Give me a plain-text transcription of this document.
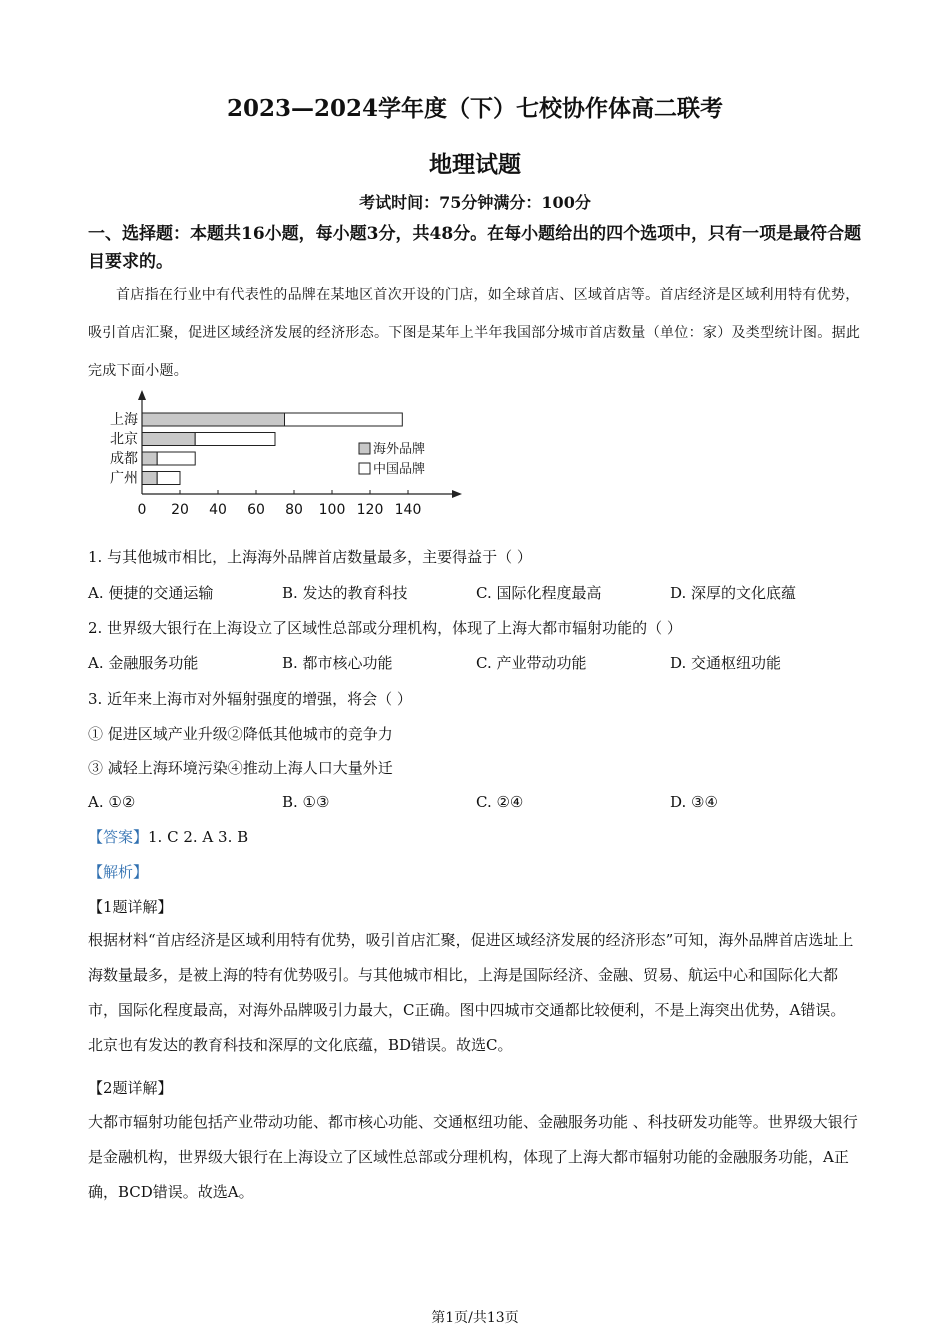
2023—2024学年度（下）七校协作体高二联考
地理试题
考试时间：75分钟满分：100分
一、选择题：本题共16小题，每小题3分，共48分。在每小题给出的四个选项中，只有一项是最符合题目要求的。
首店指在行业中有代表性的品牌在某地区首次开设的门店，如全球首店、区域首店等。首店经济是区域利用特有优势，吸引首店汇聚，促进区域经济发展的经济形态。下图是某年上半年我国部分城市首店数量（单位：家）及类型统计图。据此完成下面小题。
上海
北京
成都
广州
0 20 40 60 80 100 120 140
海外品牌
中国品牌
1. 与其他城市相比，上海海外品牌首店数量最多，主要得益于（ ）
A. 便捷的交通运输	B. 发达的教育科技	C. 国际化程度最高	D. 深厚的文化底蕴
2. 世界级大银行在上海设立了区域性总部或分理机构，体现了上海大都市辐射功能的（ ）
A. 金融服务功能	B. 都市核心功能	C. 产业带动功能	D. 交通枢纽功能
3. 近年来上海市对外辐射强度的增强，将会（ ）
① 促进区域产业升级②降低其他城市的竞争力
③ 减轻上海环境污染④推动上海人口大量外迁
A. ①②	B. ①③	C. ②④	D. ③④
【答案】1. C 2. A 3. B
【解析】
【1题详解】
根据材料“首店经济是区域利用特有优势，吸引首店汇聚，促进区域经济发展的经济形态”可知，海外品牌首店选址上海数量最多，是被上海的特有优势吸引。与其他城市相比，上海是国际经济、金融、贸易、航运中心和国际化大都市，国际化程度最高，对海外品牌吸引力最大，C正确。图中四城市交通都比较便利，不是上海突出优势，A错误。北京也有发达的教育科技和深厚的文化底蕴，BD错误。故选C。
【2题详解】
大都市辐射功能包括产业带动功能、都市核心功能、交通枢纽功能、金融服务功能 、科技研发功能等。世界级大银行是金融机构，世界级大银行在上海设立了区域性总部或分理机构，体现了上海大都市辐射功能的金融服务功能，A正确，BCD错误。故选A。
第1页/共13页
